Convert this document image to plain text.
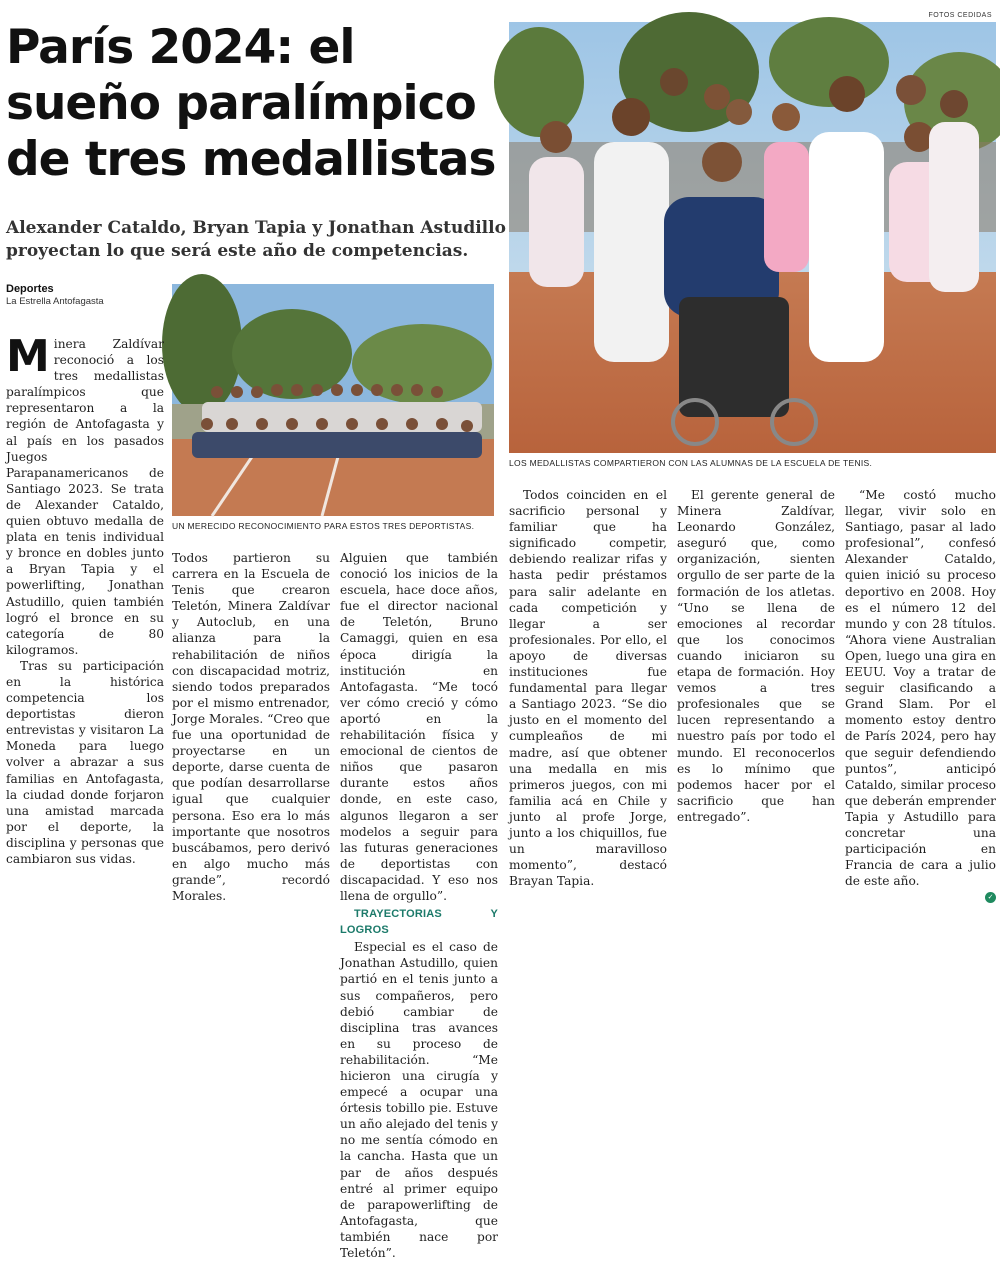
FOTOS CEDIDAS
París 2024: el sueño paralímpico de tres medallistas
Alexander Cataldo, Bryan Tapia y Jonathan Astudillo proyectan lo que será este año de competencias.
Deportes
La Estrella Antofagasta
LOS MEDALLISTAS COMPARTIERON CON LAS ALUMNAS DE LA ESCUELA DE TENIS.
UN MERECIDO RECONOCIMIENTO PARA ESTOS TRES DEPORTISTAS.

Minera Zaldívar reconoció a los tres medallistas paralímpicos que representaron a la región de Antofagasta y al país en los pasados Juegos Parapanamericanos de Santiago 2023. Se trata de Alexander Cataldo, quien obtuvo medalla de plata en tenis individual y bronce en dobles junto a Bryan Tapia y el powerlifting, Jonathan Astudillo, quien también logró el bronce en su categoría de 80 kilogramos.

Tras su participación en la histórica competencia los deportistas dieron entrevistas y visitaron La Moneda para luego volver a abrazar a sus familias en Antofagasta, la ciudad donde forjaron una amistad marcada por el deporte, la disciplina y personas que cambiaron sus vidas.

Todos partieron su carrera en la Escuela de Tenis que crearon Teletón, Minera Zaldívar y Autoclub, en una alianza para la rehabilitación de niños con discapacidad motriz, siendo todos preparados por el mismo entrenador, Jorge Morales. “Creo que fue una oportunidad de proyectarse en un deporte, darse cuenta de que podían desarrollarse igual que cualquier persona. Eso era lo más importante que nosotros buscábamos, pero derivó en algo mucho más grande”, recordó Morales.

Alguien que también conoció los inicios de la escuela, hace doce años, fue el director nacional de Teletón, Bruno Camaggi, quien en esa época dirigía la institución en Antofagasta. “Me tocó ver cómo creció y cómo aportó en la rehabilitación física y emocional de cientos de niños que pasaron durante estos años donde, en este caso, algunos llegaron a ser modelos a seguir para las futuras generaciones de deportistas con discapacidad. Y eso nos llena de orgullo”.

TRAYECTORIAS Y LOGROS

Especial es el caso de Jonathan Astudillo, quien partió en el tenis junto a sus compañeros, pero debió cambiar de disciplina tras avances en su proceso de rehabilitación. “Me hicieron una cirugía y empecé a ocupar una órtesis tobillo pie. Estuve un año alejado del tenis y no me sentía cómodo en la cancha. Hasta que un par de años después entré al primer equipo de parapowerlifting de Antofagasta, que también nace por Teletón”.

Todos coinciden en el sacrificio personal y familiar que ha significado competir, debiendo realizar rifas y hasta pedir préstamos para salir adelante en cada competición y llegar a ser profesionales. Por ello, el apoyo de diversas instituciones fue fundamental para llegar a Santiago 2023. “Se dio justo en el momento del cumpleaños de mi madre, así que obtener una medalla en mis primeros juegos, con mi familia acá en Chile y junto al profe Jorge, junto a los chiquillos, fue un maravilloso momento”, destacó Brayan Tapia.

El gerente general de Minera Zaldívar, Leonardo González, aseguró que, como organización, sienten orgullo de ser parte de la formación de los atletas. “Uno se llena de emociones al recordar que los conocimos cuando iniciaron su etapa de formación. Hoy vemos a tres profesionales que se lucen representando a nuestro país por todo el mundo. El reconocerlos es lo mínimo que podemos hacer por el sacrificio que han entregado”.

“Me costó mucho llegar, vivir solo en Santiago, pasar al lado profesional”, confesó Alexander Cataldo, quien inició su proceso deportivo en 2008. Hoy es el número 12 del mundo y con 28 títulos. “Ahora viene Australian Open, luego una gira en EEUU. Voy a tratar de seguir clasificando a Grand Slam. Por el momento estoy dentro de París 2024, pero hay que seguir defendiendo puntos”, anticipó Cataldo, similar proceso que deberán emprender Tapia y Astudillo para concretar una participación en Francia de cara a julio de este año.

✓
